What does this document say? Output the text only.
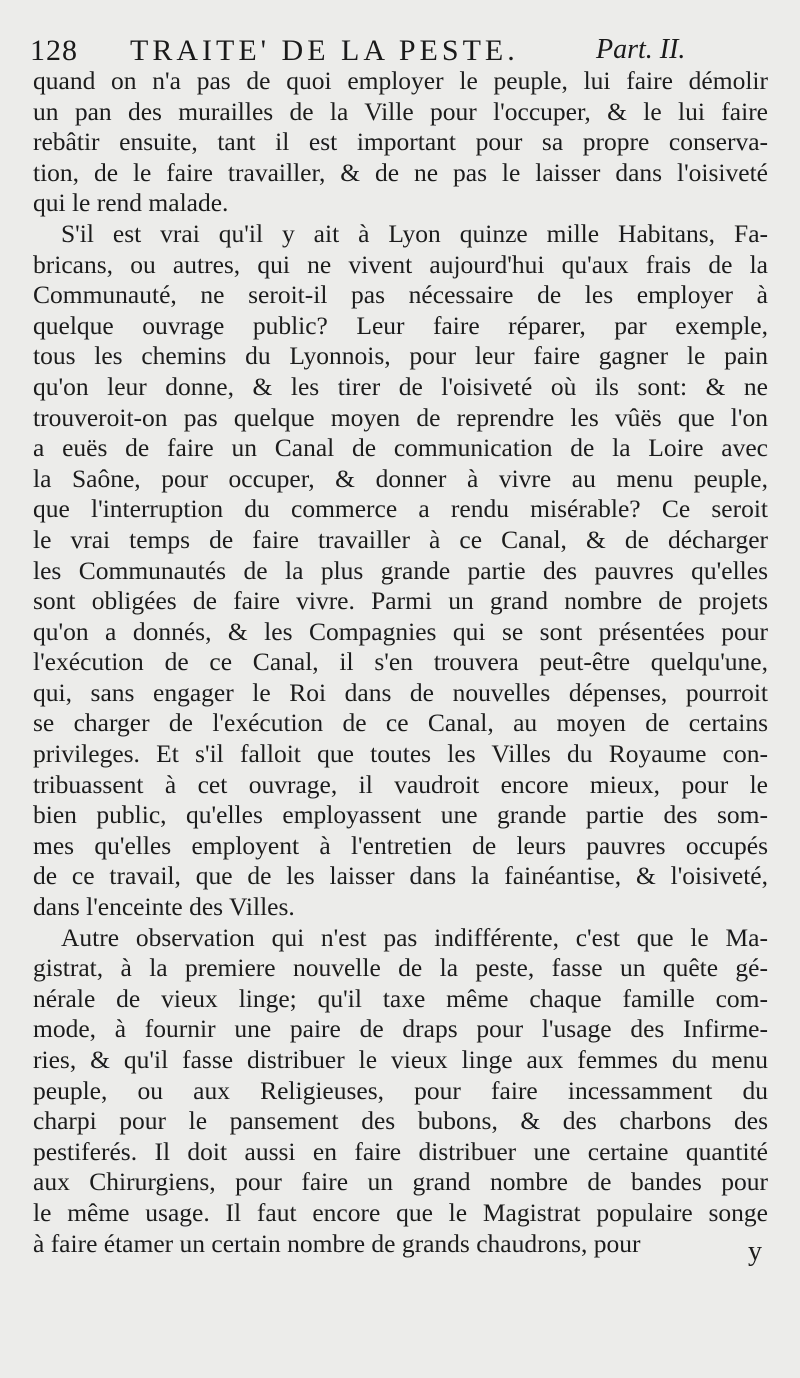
128 TRAITE' DE LA PESTE.	Part. II.
quand on n'a pas de quoi employer le peuple, lui faire démolir
un pan des murailles de la Ville pour l'occuper, & le lui faire
rebâtir ensuite, tant il est important pour sa propre conserva-
tion, de le faire travailler, & de ne pas le laisser dans l'oisiveté
qui le rend malade.
S'il est vrai qu'il y ait à Lyon quinze mille Habitans, Fa-
bricans, ou autres, qui ne vivent aujourd'hui qu'aux frais de la
Communauté, ne seroit-il pas nécessaire de les employer à
quelque ouvrage public? Leur faire réparer, par exemple,
tous les chemins du Lyonnois, pour leur faire gagner le pain
qu'on leur donne, & les tirer de l'oisiveté où ils sont: & ne
trouveroit-on pas quelque moyen de reprendre les vûës que l'on
a euës de faire un Canal de communication de la Loire avec
la Saône, pour occuper, & donner à vivre au menu peuple,
que l'interruption du commerce a rendu misérable? Ce seroit
le vrai temps de faire travailler à ce Canal, & de décharger
les Communautés de la plus grande partie des pauvres qu'elles
sont obligées de faire vivre. Parmi un grand nombre de projets
qu'on a donnés, & les Compagnies qui se sont présentées pour
l'exécution de ce Canal, il s'en trouvera peut-être quelqu'une,
qui, sans engager le Roi dans de nouvelles dépenses, pourroit
se charger de l'exécution de ce Canal, au moyen de certains
privileges. Et s'il falloit que toutes les Villes du Royaume con-
tribuassent à cet ouvrage, il vaudroit encore mieux, pour le
bien public, qu'elles employassent une grande partie des som-
mes qu'elles employent à l'entretien de leurs pauvres occupés
de ce travail, que de les laisser dans la fainéantise, & l'oisiveté,
dans l'enceinte des Villes.
Autre observation qui n'est pas indifférente, c'est que le Ma-
gistrat, à la premiere nouvelle de la peste, fasse un quête gé-
nérale de vieux linge; qu'il taxe même chaque famille com-
mode, à fournir une paire de draps pour l'usage des Infirme-
ries, & qu'il fasse distribuer le vieux linge aux femmes du menu
peuple, ou aux Religieuses, pour faire incessamment du
charpi pour le pansement des bubons, & des charbons des
pestiferés. Il doit aussi en faire distribuer une certaine quantité
aux Chirurgiens, pour faire un grand nombre de bandes pour
le même usage. Il faut encore que le Magistrat populaire songe
à faire étamer un certain nombre de grands chaudrons, pour	y
